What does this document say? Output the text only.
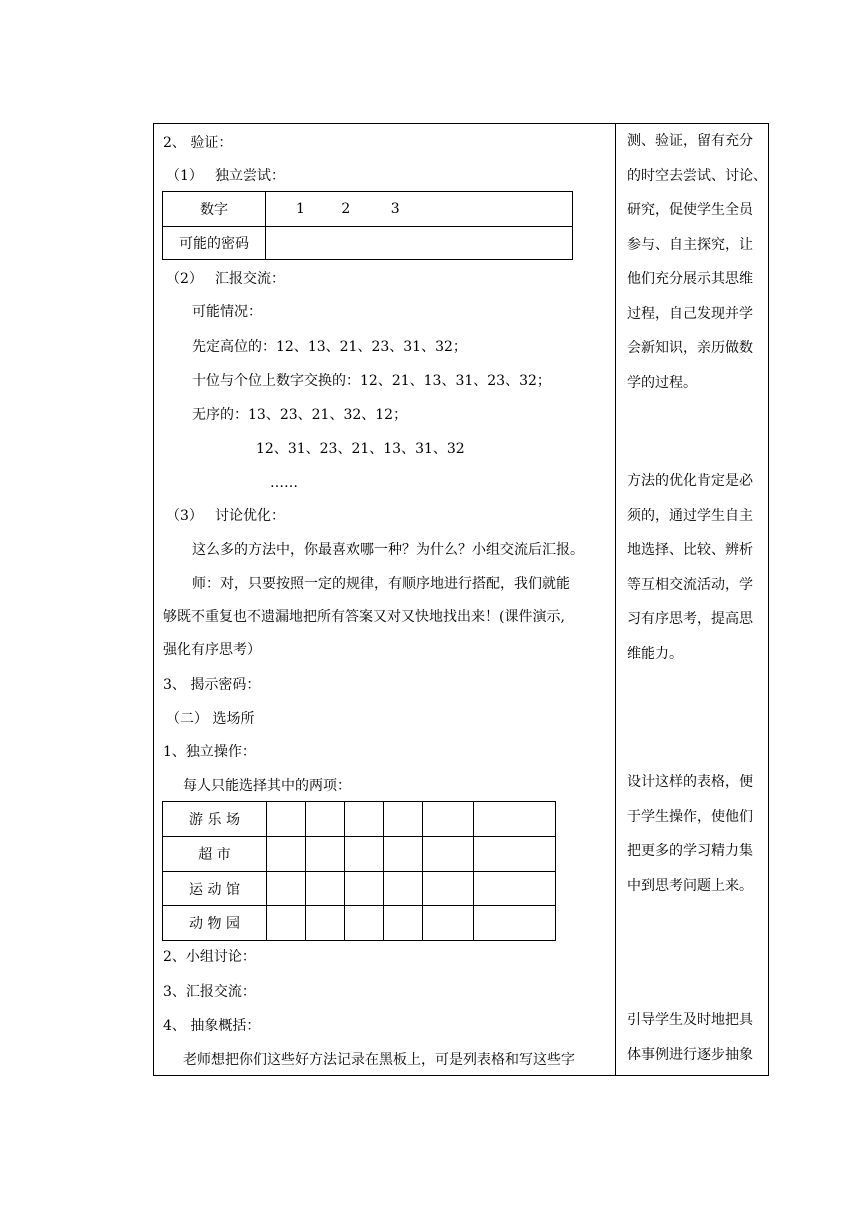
2、 验证：
（1） 独立尝试：
数字	1 2 3
可能的密码	
（2） 汇报交流：
可能情况：
先定高位的：12、13、21、23、31、32；
十位与个位上数字交换的：12、21、13、31、23、32；
无序的：13、23、21、32、12；
12、31、23、21、13、31、32
……
（3） 讨论优化：
这么多的方法中，你最喜欢哪一种？为什么？小组交流后汇报。
师：对，只要按照一定的规律，有顺序地进行搭配，我们就能
够既不重复也不遗漏地把所有答案又对又快地找出来！(课件演示,
强化有序思考）
3、 揭示密码：
（二） 选场所
1、独立操作：
每人只能选择其中的两项：
游 乐 场						
超 市						
运 动 馆						
动 物 园						
2、小组讨论：
3、汇报交流：
4、 抽象概括：
老师想把你们这些好方法记录在黑板上，可是列表格和写这些字
测、验证，留有充分
的时空去尝试、讨论、
研究，促使学生全员
参与、自主探究，让
他们充分展示其思维
过程，自己发现并学
会新知识，亲历做数
学的过程。
方法的优化肯定是必
须的，通过学生自主
地选择、比较、辨析
等互相交流活动，学
习有序思考，提高思
维能力。
设计这样的表格，便
于学生操作，使他们
把更多的学习精力集
中到思考问题上来。
引导学生及时地把具
体事例进行逐步抽象
